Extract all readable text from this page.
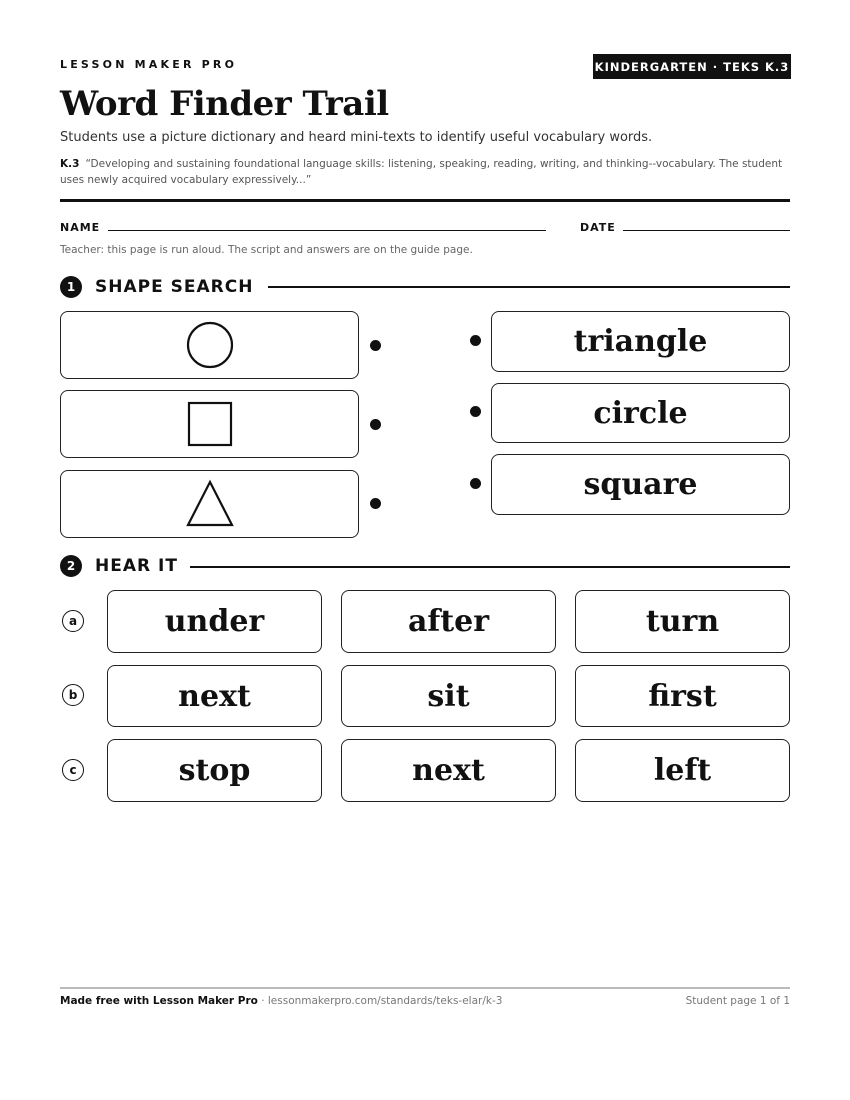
LESSON MAKER PRO	KINDERGARTEN · TEKS K.3
Word Finder Trail
Students use a picture dictionary and heard mini-texts to identify useful vocabulary words.
K.3 “Developing and sustaining foundational language skills: listening, speaking, reading, writing, and thinking--vocabulary. The student uses newly acquired vocabulary expressively...”
NAME	DATE
Teacher: this page is run aloud. The script and answers are on the guide page.
1	SHAPE SEARCH
triangle
circle
square
2	HEAR IT
a	under	after	turn
b	next	sit	first
c	stop	next	left
Made free with Lesson Maker Pro · lessonmakerpro.com/standards/teks-elar/k-3	Student page 1 of 1
